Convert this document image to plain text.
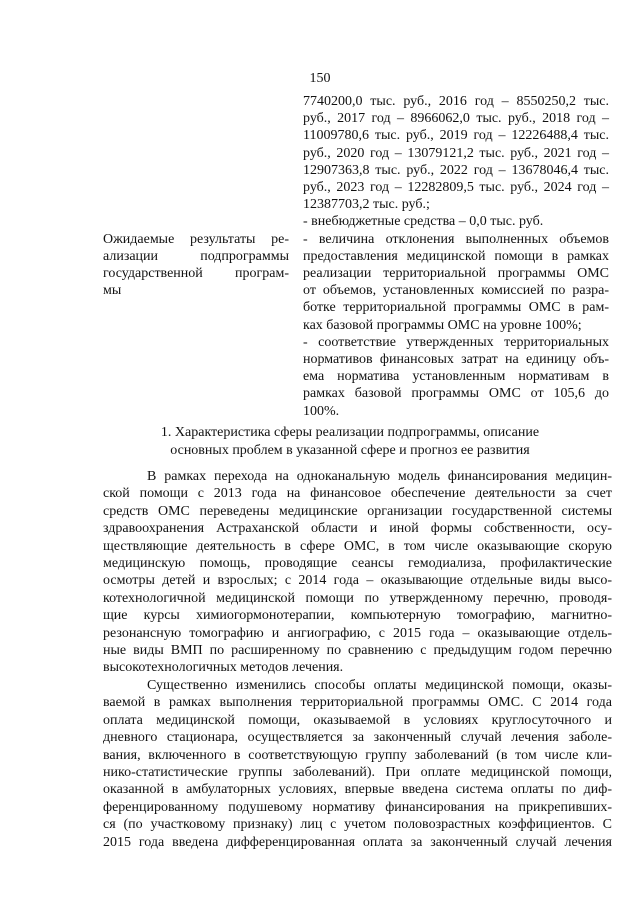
150
7740200,0 тыс. руб., 2016 год – 8550250,2 тыс.
руб., 2017 год – 8966062,0 тыс. руб., 2018 год –
11009780,6 тыс. руб., 2019 год – 12226488,4 тыс.
руб., 2020 год – 13079121,2 тыс. руб., 2021 год –
12907363,8 тыс. руб., 2022 год – 13678046,4 тыс.
руб., 2023 год – 12282809,5 тыс. руб., 2024 год –
12387703,2 тыс. руб.;
- внебюджетные средства – 0,0 тыс. руб.
Ожидаемые результаты ре-
ализации подпрограммы
государственной програм-
мы
- величина отклонения выполненных объемов
предоставления медицинской помощи в рамках
реализации территориальной программы ОМС
от объемов, установленных комиссией по разра-
ботке территориальной программы ОМС в рам-
ках базовой программы ОМС на уровне 100%;
- соответствие утвержденных территориальных
нормативов финансовых затрат на единицу объ-
ема норматива установленным нормативам в
рамках базовой программы ОМС от 105,6 до
100%.
1. Характеристика сферы реализации подпрограммы, описание
основных проблем в указанной сфере и прогноз ее развития
В рамках перехода на одноканальную модель финансирования медицин-
ской помощи с 2013 года на финансовое обеспечение деятельности за счет
средств ОМС переведены медицинские организации государственной системы
здравоохранения Астраханской области и иной формы собственности, осу-
ществляющие деятельность в сфере ОМС, в том числе оказывающие скорую
медицинскую помощь, проводящие сеансы гемодиализа, профилактические
осмотры детей и взрослых; с 2014 года – оказывающие отдельные виды высо-
котехнологичной медицинской помощи по утвержденному перечню, проводя-
щие курсы химиогормонотерапии, компьютерную томографию, магнитно-
резонансную томографию и ангиографию, с 2015 года – оказывающие отдель-
ные виды ВМП по расширенному по сравнению с предыдущим годом перечню
высокотехнологичных методов лечения.
Существенно изменились способы оплаты медицинской помощи, оказы-
ваемой в рамках выполнения территориальной программы ОМС. С 2014 года
оплата медицинской помощи, оказываемой в условиях круглосуточного и
дневного стационара, осуществляется за законченный случай лечения заболе-
вания, включенного в соответствующую группу заболеваний (в том числе кли-
нико-статистические группы заболеваний). При оплате медицинской помощи,
оказанной в амбулаторных условиях, впервые введена система оплаты по диф-
ференцированному подушевому нормативу финансирования на прикрепивших-
ся (по участковому признаку) лиц с учетом половозрастных коэффициентов. С
2015 года введена дифференцированная оплата за законченный случай лечения
